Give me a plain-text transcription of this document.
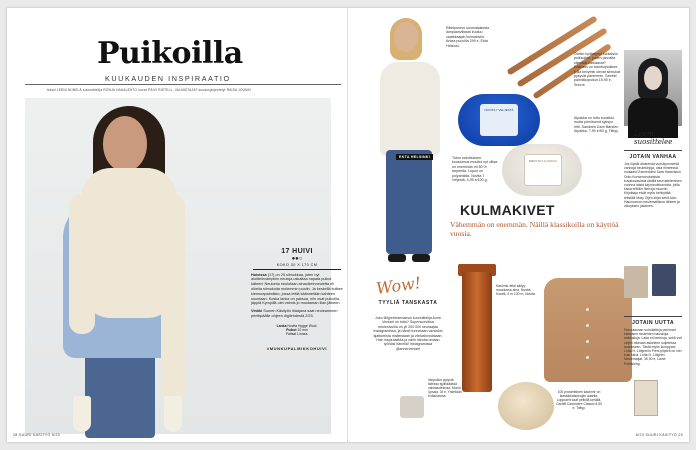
Puikoilla
KUUKAUDEN INSPIRAATIO
teksti LEENI NIINELÄ suunnittelija RONJA HAKALEHTO kuvat PÄIVI RISTELL, VALMISTAJAT kuvausjärjestelyt RAISA JOUNKI
17 HUIVI
●●○
KOKO 30 X 170 CM
Huivissa (17) on 25 silmukkaa, joten nyt aloittelevampikin neuloja uskaltaa napata puikot käteen! Neulonta neulotaan ainaoikeinneuletta eli oikeita silmukoita molemmin puolin. Ja keskellä kulkee kiemurapalmikko, jossa lettiä käännetään kahteen suuntaan. Koska lanka on paksua, niin osat puikoilla, jäppiä Kympillä olet valmis jo muutaman illan jälkeen.
Vinkki Suoren Käsityön tilaajana saat neuleammen printtipäälle ohjeen digilehdestä 2/23.
Lanka Novita Hygge Wool.
Puikot 10 mm
Pattsat Linnea.
#MUNKUPALMIKKOHUIVI
28 SUURI KÄSITYÖ 6/23
EKTA HELSINKI
Ribbipusero suomalaisesta lampaanvillasta kuutuu vaatekaapin kulmakiviin. Arkea puuvilla 299 e, Ekta Helsinki.
Oletko kyllästynyt tukkaisiin puikkoihin, joiden pinnalta silmukat karkaavat? Rakkaus on bambupuikkee, joilla kevyesti olevat silmukat pysyvät paremmin. Seefrid palmikkopuikot 15,90 e, Snurre.
NOVITA 7 VELJESTÄ
Alpakka on tuttu suosikki, mutta pörröisenä syksyn hitti. Sandnes Garn Børsten Alpakka, 7,90 e/50 g, Titityy.
BØRSTET ALPAKKA
Tutun sekoituksen koostumus muuttui nyt villaa on enemmän eli 80 % tarpeelta. Lopun on polyamidia. Novita 7 Veljestä, 4,95 e/100 g.
KULMAKIVET
Vähemmän on enemmän. Näillä klassikoilla on käyttöä vuosia.
Wow!
TYYLIÄ TANSKASTA
Joko tiiöjpertharmaksiu suunnittelija Anne Ventzel on tuttu? Supersuosittua neulesivuilla on yli 200 000 seuraajaa Instagramissa, ja hänet tunnetaan varsinkin ajattomista malleistaan ja värivalinnoistaan. Hae inspiraatiota ja värin ideoita omaan työhösi hänellä! Instagramissa @annerventzel
Ihtopuikot pysyvät tallessa tyylikkäässä nahkakotelossa. Muoid Upsala, 34 e, Yhdeksän Kultakuisma.
Kashmir-tekti säilyy muodossa aina. Novita Koralli, 4 m 100 m, Novita.
100 prosenttinen kashmir on klassikkolankojen aatelia. Lopputeit saat pelkillä kerällä. Cardiff Cashmere Classic 8,50 e, Titityy.
Leeni
suosittelee
JOTAIN VANHAA
Jos löydät divareista vuosikymmeniä vanhoja neulekirjoja, osta ihmeessä mukaasi! Esimerkiksi Sara Haarviston Ooto Konsenonolaisista kuvakuvauksia räsillä seurustelemisen vuonna laista kirjoneulekavioita, joilla kissa erittäin hienoja muoviin. Kirjoittaja eivät myös kehityttää tekstillä Mary Oljen kirjat sekä Aino Haunnamon neulemalliston lähteet ja oikoyksen jukainen.
JOTAIN UUTTA
Honoaannan suloutettuja perhoset klassisen neuleiden hauskoja seikkailuja. Laita eri teemoja, sekä voit veljen oikeaan askeleen suljetessa avaukseen. Tästä myös kumppani Lotta H. Löfgrenin Pieni piiperä on niin kuin siinä. Lotta H. Löfgren: Neulematjat, 35,90 e, Laine Publishing.
6/23 SUURI KÄSITYÖ 29
